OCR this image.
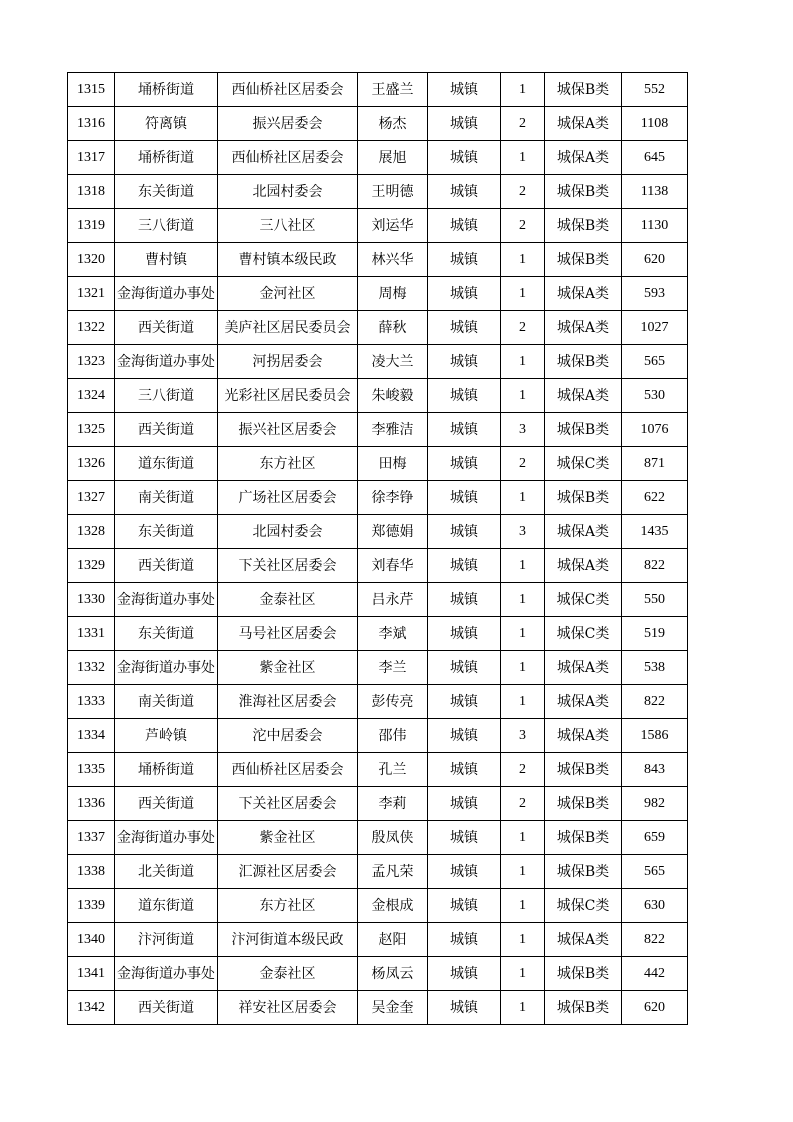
1315	埇桥街道	西仙桥社区居委会	王盛兰	城镇	1	城保B类	552
1316	符离镇	振兴居委会	杨杰	城镇	2	城保A类	1108
1317	埇桥街道	西仙桥社区居委会	展旭	城镇	1	城保A类	645
1318	东关街道	北园村委会	王明德	城镇	2	城保B类	1138
1319	三八街道	三八社区	刘运华	城镇	2	城保B类	1130
1320	曹村镇	曹村镇本级民政	林兴华	城镇	1	城保B类	620
1321	金海街道办事处	金河社区	周梅	城镇	1	城保A类	593
1322	西关街道	美庐社区居民委员会	薛秋	城镇	2	城保A类	1027
1323	金海街道办事处	河拐居委会	凌大兰	城镇	1	城保B类	565
1324	三八街道	光彩社区居民委员会	朱峻毅	城镇	1	城保A类	530
1325	西关街道	振兴社区居委会	李雅洁	城镇	3	城保B类	1076
1326	道东街道	东方社区	田梅	城镇	2	城保C类	871
1327	南关街道	广场社区居委会	徐李铮	城镇	1	城保B类	622
1328	东关街道	北园村委会	郑德娟	城镇	3	城保A类	1435
1329	西关街道	下关社区居委会	刘春华	城镇	1	城保A类	822
1330	金海街道办事处	金泰社区	吕永芹	城镇	1	城保C类	550
1331	东关街道	马号社区居委会	李斌	城镇	1	城保C类	519
1332	金海街道办事处	紫金社区	李兰	城镇	1	城保A类	538
1333	南关街道	淮海社区居委会	彭传亮	城镇	1	城保A类	822
1334	芦岭镇	沱中居委会	邵伟	城镇	3	城保A类	1586
1335	埇桥街道	西仙桥社区居委会	孔兰	城镇	2	城保B类	843
1336	西关街道	下关社区居委会	李莉	城镇	2	城保B类	982
1337	金海街道办事处	紫金社区	殷凤侠	城镇	1	城保B类	659
1338	北关街道	汇源社区居委会	孟凡荣	城镇	1	城保B类	565
1339	道东街道	东方社区	金根成	城镇	1	城保C类	630
1340	汴河街道	汴河街道本级民政	赵阳	城镇	1	城保A类	822
1341	金海街道办事处	金泰社区	杨凤云	城镇	1	城保B类	442
1342	西关街道	祥安社区居委会	吴金奎	城镇	1	城保B类	620
